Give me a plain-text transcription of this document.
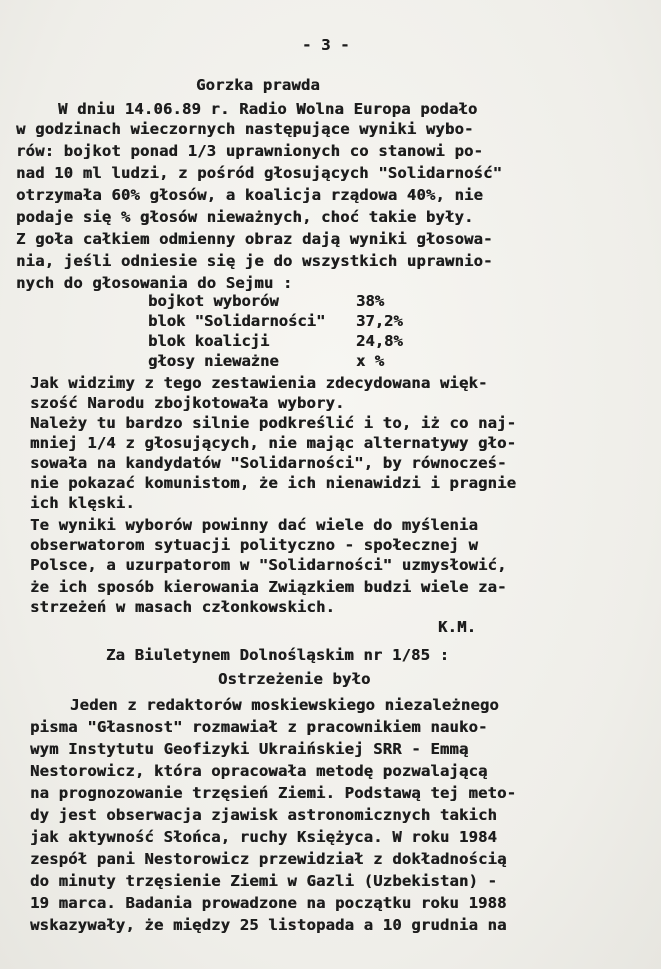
- 3 -
Gorzka prawda
W dniu 14.06.89 r. Radio Wolna Europa podało
w godzinach wieczornych następujące wyniki wybo-
rów: bojkot ponad 1/3 uprawnionych co stanowi po-
nad 10 ml ludzi, z pośród głosujących "Solidarność"
otrzymała 60% głosów, a koalicja rządowa 40%, nie
podaje się % głosów nieważnych, choć takie były.
Z goła całkiem odmienny obraz dają wyniki głosowa-
nia, jeśli odniesie się je do wszystkich uprawnio-
nych do głosowania do Sejmu :
bojkot wyborów	38%
blok "Solidarności" 37,2%
blok koalicji	24,8%
głosy nieważne	x %
Jak widzimy z tego zestawienia zdecydowana więk-
szość Narodu zbojkotowała wybory.
Należy tu bardzo silnie podkreślić i to, iż co naj-
mniej 1/4 z głosujących, nie mając alternatywy gło-
sowała na kandydatów "Solidarności", by równocześ-
nie pokazać komunistom, że ich nienawidzi i pragnie
ich klęski.
Te wyniki wyborów powinny dać wiele do myślenia
obserwatorom sytuacji polityczno - społecznej w
Polsce, a uzurpatorom w "Solidarności" uzmysłowić,
że ich sposób kierowania Związkiem budzi wiele za-
strzeżeń w masach członkowskich.
K.M.
Za Biuletynem Dolnośląskim nr 1/85 :
Ostrzeżenie było
Jeden z redaktorów moskiewskiego niezależnego
pisma "Głasnost" rozmawiał z pracownikiem nauko-
wym Instytutu Geofizyki Ukraińskiej SRR - Emmą
Nestorowicz, która opracowała metodę pozwalającą
na prognozowanie trzęsień Ziemi. Podstawą tej meto-
dy jest obserwacja zjawisk astronomicznych takich
jak aktywność Słońca, ruchy Księżyca. W roku 1984
zespół pani Nestorowicz przewidział z dokładnością
do minuty trzęsienie Ziemi w Gazli (Uzbekistan) -
19 marca. Badania prowadzone na początku roku 1988
wskazywały, że między 25 listopada a 10 grudnia na
